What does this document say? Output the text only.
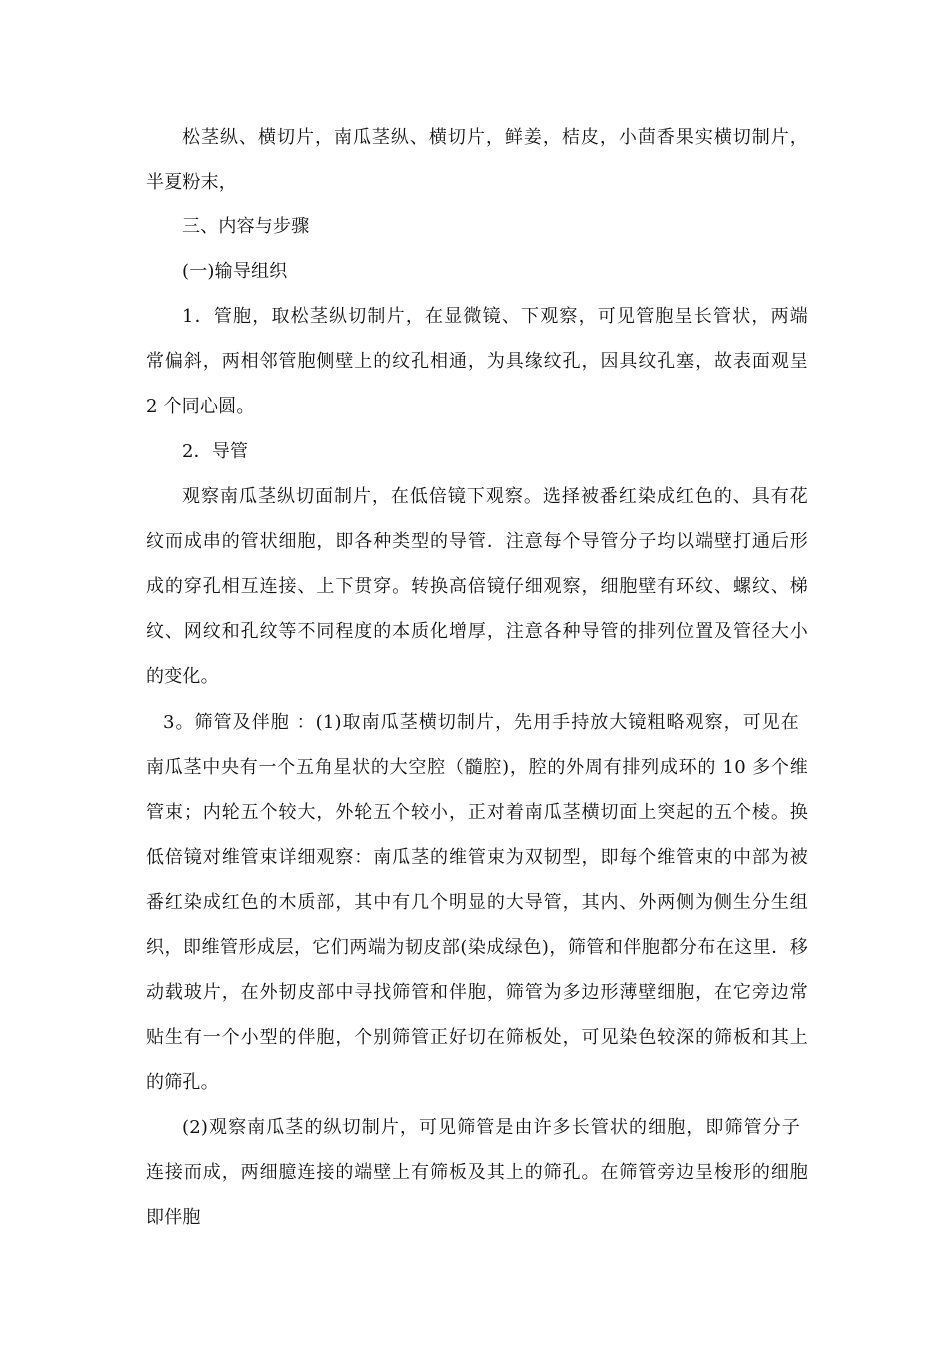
松茎纵、横切片，南瓜茎纵、横切片，鲜姜，桔皮，小茴香果实横切制片，
半夏粉末，
三、内容与步骤
(一)输导组织
1．管胞，取松茎纵切制片，在显微镜、下观察，可见管胞呈长管状，两端
常偏斜，两相邻管胞侧壁上的纹孔相通，为具缘纹孔，因具纹孔塞，故表面观呈
2 个同心圆。
2．导管
观察南瓜茎纵切面制片，在低倍镜下观察。选择被番红染成红色的、具有花
纹而成串的管状细胞，即各种类型的导管．注意每个导管分子均以端壁打通后形
成的穿孔相互连接、上下贯穿。转换高倍镜仔细观察，细胞壁有环纹、螺纹、梯
纹、网纹和孔纹等不同程度的本质化增厚，注意各种导管的排列位置及管径大小
的变化。
3。筛管及伴胞 ：(1)取南瓜茎横切制片，先用手持放大镜粗略观察，可见在
南瓜茎中央有一个五角星状的大空腔（髓腔)，腔的外周有排列成环的 10 多个维
管束；内轮五个较大，外轮五个较小，正对着南瓜茎横切面上突起的五个棱。换
低倍镜对维管束详细观察：南瓜茎的维管束为双韧型，即每个维管束的中部为被
番红染成红色的木质部，其中有几个明显的大导管，其内、外两侧为侧生分生组
织，即维管形成层，它们两端为韧皮部(染成绿色)，筛管和伴胞都分布在这里．移
动载玻片，在外韧皮部中寻找筛管和伴胞，筛管为多边形薄壁细胞，在它旁边常
贴生有一个小型的伴胞，个别筛管正好切在筛板处，可见染色较深的筛板和其上
的筛孔。
(2)观察南瓜茎的纵切制片，可见筛管是由许多长管状的细胞，即筛管分子
连接而成，两细臆连接的端壁上有筛板及其上的筛孔。在筛管旁边呈梭形的细胞
即伴胞
